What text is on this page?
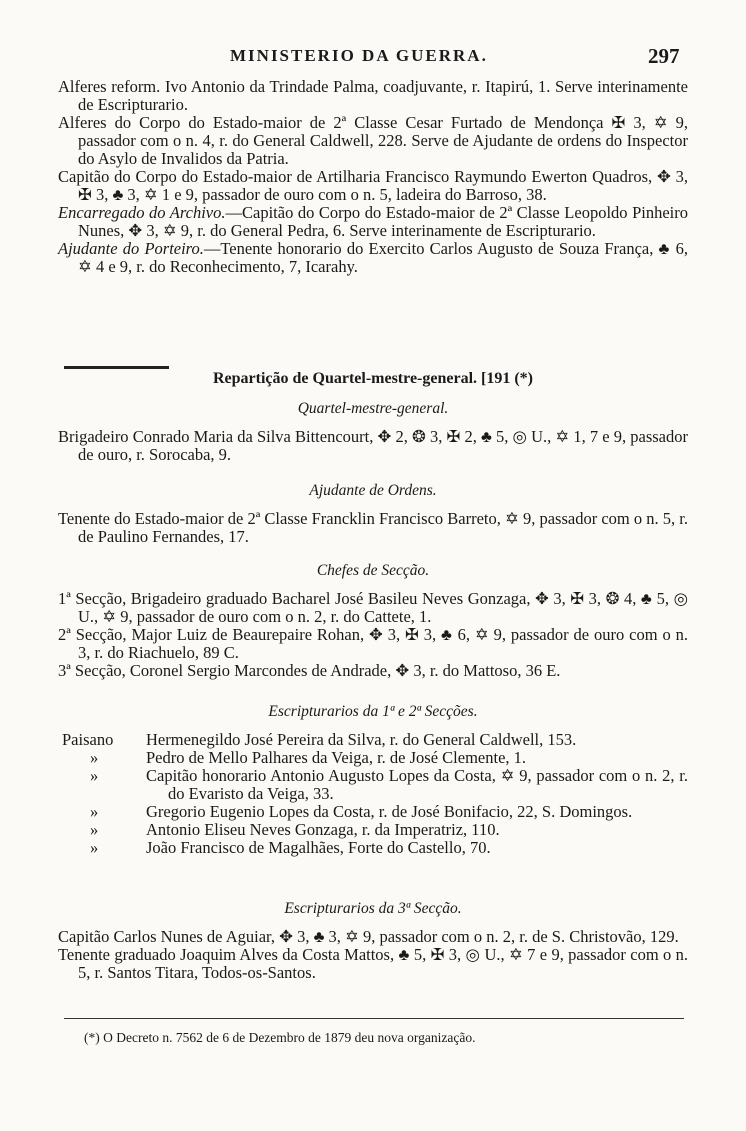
MINISTERIO DA GUERRA.	297

Alferes reform. Ivo Antonio da Trindade Palma, coadjuvante, r. Itapirú, 1. Serve interinamente de Escripturario.

Alferes do Corpo do Estado-maior de 2ª Classe Cesar Furtado de Mendonça ✠ 3, ✡ 9, passador com o n. 4, r. do General Caldwell, 228. Serve de Ajudante de ordens do Inspector do Asylo de Invalidos da Patria.

Capitão do Corpo do Estado-maior de Artilharia Francisco Raymundo Ewerton Quadros, ✥ 3, ✠ 3, ♣ 3, ✡ 1 e 9, passador de ouro com o n. 5, ladeira do Barroso, 38.

Encarregado do Archivo.—Capitão do Corpo do Estado-maior de 2ª Classe Leopoldo Pinheiro Nunes, ✥ 3, ✡ 9, r. do General Pedra, 6. Serve interinamente de Escripturario.

Ajudante do Porteiro.—Tenente honorario do Exercito Carlos Augusto de Souza França, ♣ 6, ✡ 4 e 9, r. do Reconhecimento, 7, Icarahy.

Repartição de Quartel-mestre-general. [191 (*)
Quartel-mestre-general.

Brigadeiro Conrado Maria da Silva Bittencourt, ✥ 2, ❂ 3, ✠ 2, ♣ 5, ◎ U., ✡ 1, 7 e 9, passador de ouro, r. Sorocaba, 9.

Ajudante de Ordens.

Tenente do Estado-maior de 2ª Classe Francklin Francisco Barreto, ✡ 9, passador com o n. 5, r. de Paulino Fernandes, 17.

Chefes de Secção.

1ª Secção, Brigadeiro graduado Bacharel José Basileu Neves Gonzaga, ✥ 3, ✠ 3, ❂ 4, ♣ 5, ◎ U., ✡ 9, passador de ouro com o n. 2, r. do Cattete, 1.

2ª Secção, Major Luiz de Beaurepaire Rohan, ✥ 3, ✠ 3, ♣ 6, ✡ 9, passador de ouro com o n. 3, r. do Riachuelo, 89 C.

3ª Secção, Coronel Sergio Marcondes de Andrade, ✥ 3, r. do Mattoso, 36 E.

Escripturarios da 1ª e 2ª Secções.
Paisano	Hermenegildo José Pereira da Silva, r. do General Caldwell, 153.
»	Pedro de Mello Palhares da Veiga, r. de José Clemente, 1.
»	Capitão honorario Antonio Augusto Lopes da Costa, ✡ 9, passador com o n. 2, r. do Evaristo da Veiga, 33.
»	Gregorio Eugenio Lopes da Costa, r. de José Bonifacio, 22, S. Domingos.
»	Antonio Eliseu Neves Gonzaga, r. da Imperatriz, 110.
»	João Francisco de Magalhães, Forte do Castello, 70.
Escripturarios da 3ª Secção.

Capitão Carlos Nunes de Aguiar, ✥ 3, ♣ 3, ✡ 9, passador com o n. 2, r. de S. Christovão, 129.

Tenente graduado Joaquim Alves da Costa Mattos, ♣ 5, ✠ 3, ◎ U., ✡ 7 e 9, passador com o n. 5, r. Santos Titara, Todos-os-Santos.

(*) O Decreto n. 7562 de 6 de Dezembro de 1879 deu nova organização.
